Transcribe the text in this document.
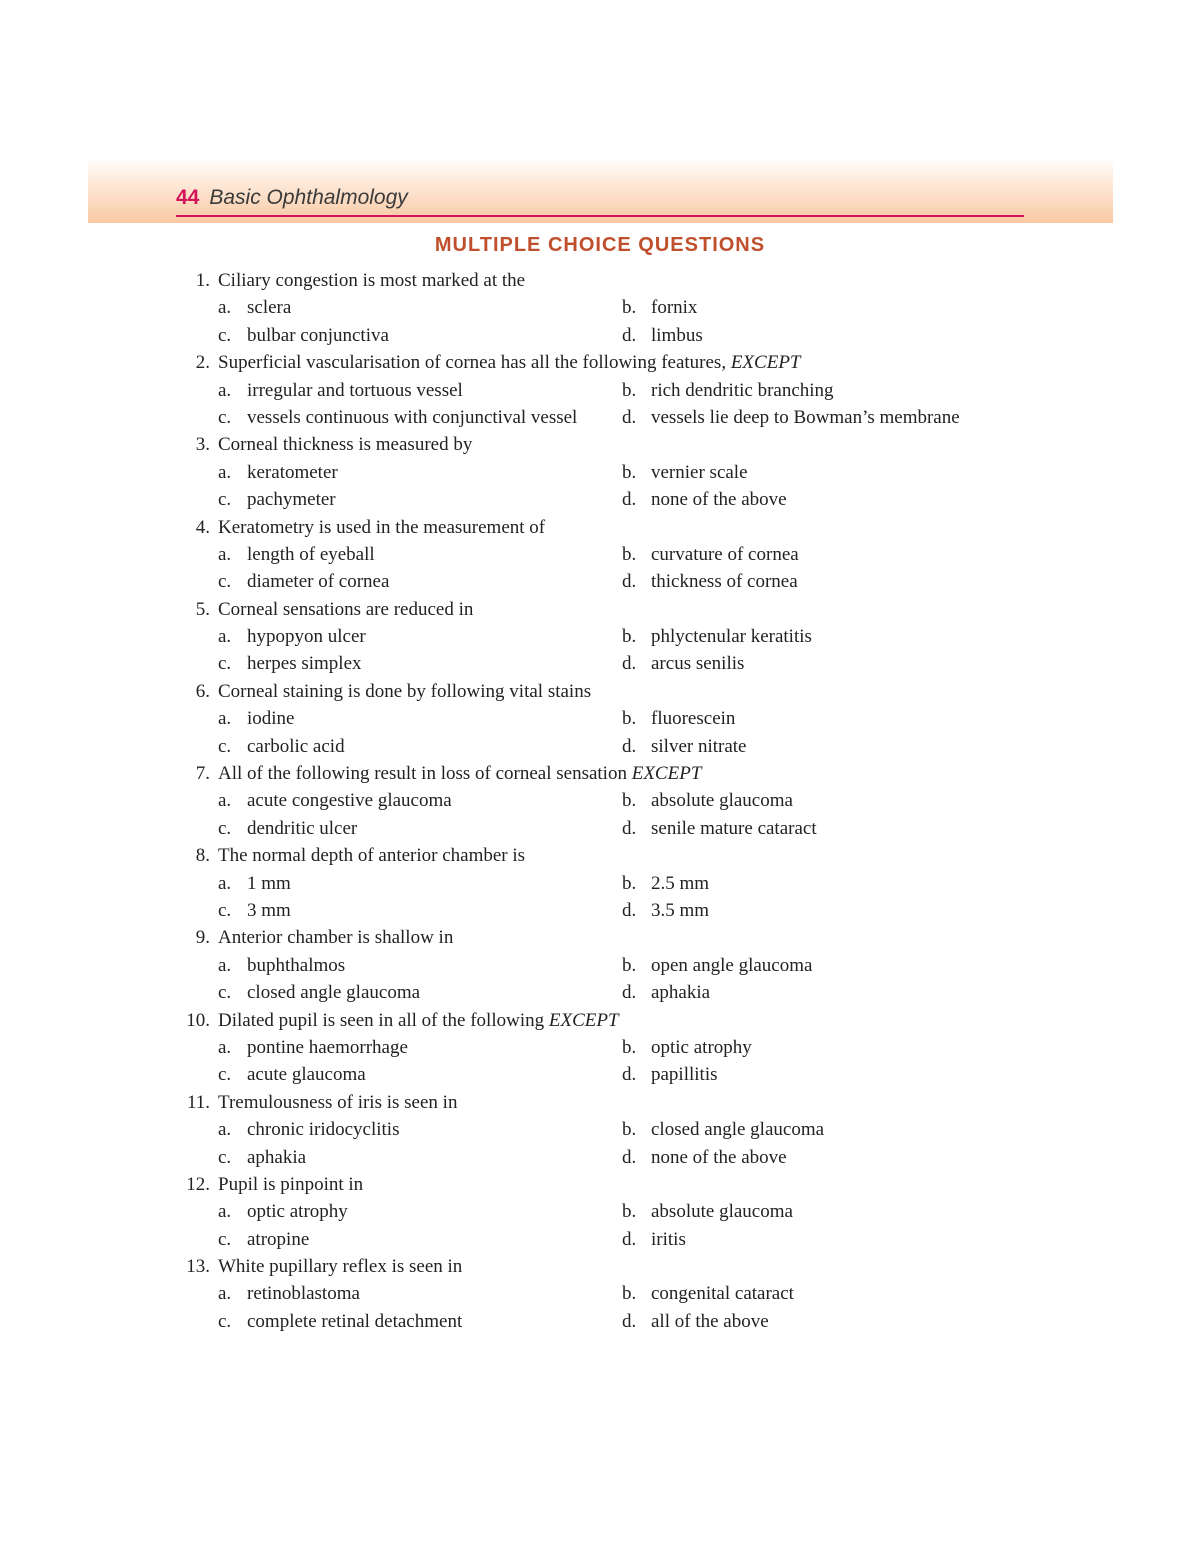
44 Basic Ophthalmology
MULTIPLE CHOICE QUESTIONS
1. Ciliary congestion is most marked at the
a. sclera	b. fornix
c. bulbar conjunctiva	d. limbus
2. Superficial vascularisation of cornea has all the following features, EXCEPT
a. irregular and tortuous vessel	b. rich dendritic branching
c. vessels continuous with conjunctival vessel d. vessels lie deep to Bowman’s membrane
3. Corneal thickness is measured by
a. keratometer	b. vernier scale
c. pachymeter	d. none of the above
4. Keratometry is used in the measurement of
a. length of eyeball	b. curvature of cornea
c. diameter of cornea	d. thickness of cornea
5. Corneal sensations are reduced in
a. hypopyon ulcer	b. phlyctenular keratitis
c. herpes simplex	d. arcus senilis
6. Corneal staining is done by following vital stains
a. iodine	b. fluorescein
c. carbolic acid	d. silver nitrate
7. All of the following result in loss of corneal sensation EXCEPT
a. acute congestive glaucoma	b. absolute glaucoma
c. dendritic ulcer	d. senile mature cataract
8. The normal depth of anterior chamber is
a. 1 mm	b. 2.5 mm
c. 3 mm	d. 3.5 mm
9. Anterior chamber is shallow in
a. buphthalmos	b. open angle glaucoma
c. closed angle glaucoma	d. aphakia
10. Dilated pupil is seen in all of the following EXCEPT
a. pontine haemorrhage	b. optic atrophy
c. acute glaucoma	d. papillitis
11. Tremulousness of iris is seen in
a. chronic iridocyclitis	b. closed angle glaucoma
c. aphakia	d. none of the above
12. Pupil is pinpoint in
a. optic atrophy	b. absolute glaucoma
c. atropine	d. iritis
13. White pupillary reflex is seen in
a. retinoblastoma	b. congenital cataract
c. complete retinal detachment	d. all of the above
